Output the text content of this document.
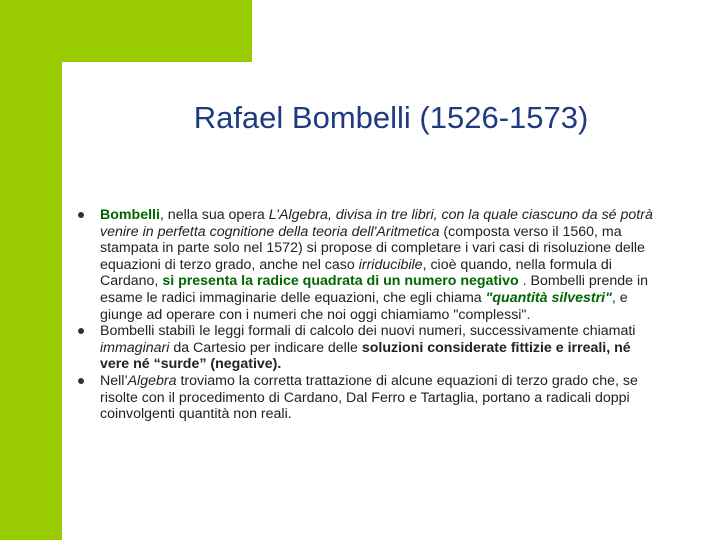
Rafael Bombelli (1526-1573)
Bombelli, nella sua opera L’Algebra, divisa in tre libri, con la quale ciascuno da sé potrà venire in perfetta cognitione della teoria dell'Aritmetica (composta verso il 1560, ma stampata in parte solo nel 1572) si propose di completare i vari casi di risoluzione delle equazioni di terzo grado, anche nel caso irriducibile, cioè quando, nella formula di Cardano, si presenta la radice quadrata di un numero negativo . Bombelli prende in esame le radici immaginarie delle equazioni, che egli chiama "quantità silvestri", e giunge ad operare con i numeri che noi oggi chiamiamo "complessi".
Bombelli stabilì le leggi formali di calcolo dei nuovi numeri, successivamente chiamati immaginari da Cartesio per indicare delle soluzioni considerate fittizie e irreali, né vere né “surde” (negative).
Nell’Algebra troviamo la corretta trattazione di alcune equazioni di terzo grado che, se risolte con il procedimento di Cardano, Dal Ferro e Tartaglia, portano a radicali doppi coinvolgenti quantità non reali.
